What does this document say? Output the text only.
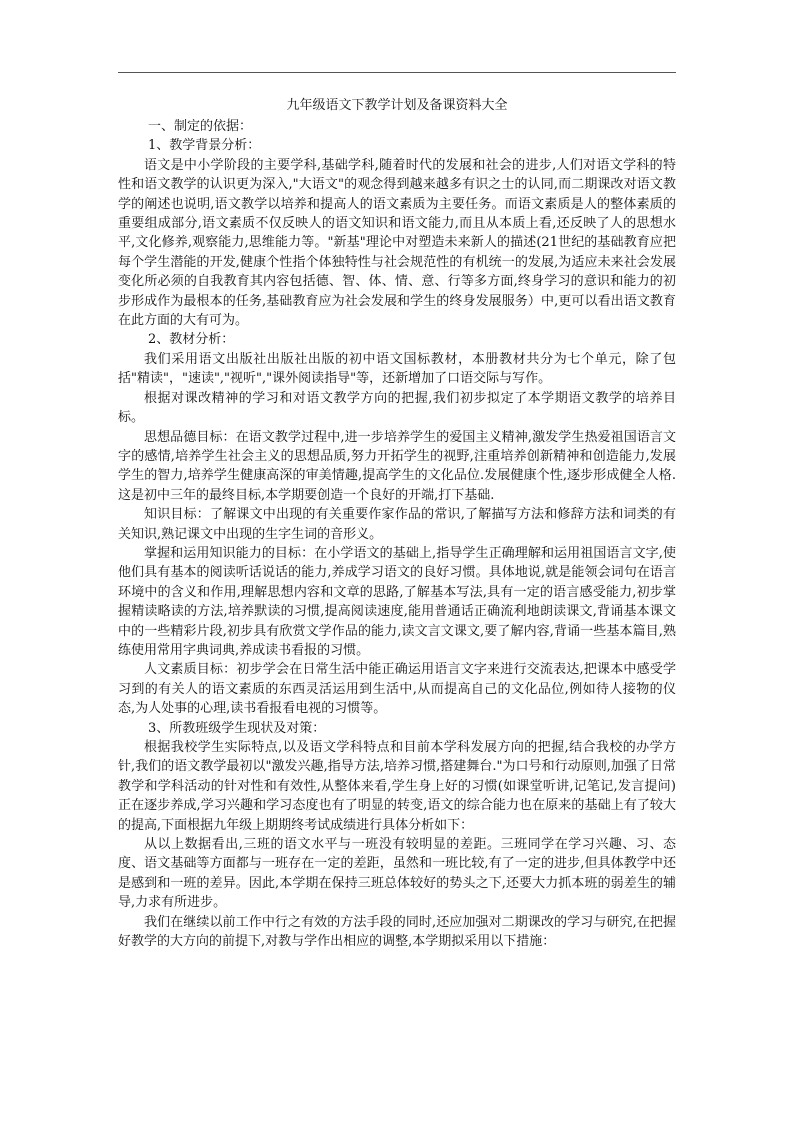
九年级语文下教学计划及备课资料大全

一、制定的依据：

1、教学背景分析：

语文是中小学阶段的主要学科,基础学科,随着时代的发展和社会的进步,人们对语文学科的特性和语文教学的认识更为深入,"大语文"的观念得到越来越多有识之士的认同,而二期课改对语文教学的阐述也说明,语文教学以培养和提高人的语文素质为主要任务。而语文素质是人的整体素质的重要组成部分,语文素质不仅反映人的语文知识和语文能力,而且从本质上看,还反映了人的思想水平,文化修养,观察能力,思维能力等。"新基"理论中对塑造未来新人的描述(21世纪的基础教育应把每个学生潜能的开发,健康个性指个体独特性与社会规范性的有机统一的发展,为适应未来社会发展变化所必须的自我教育其内容包括德、智、体、情、意、行等多方面,终身学习的意识和能力的初步形成作为最根本的任务,基础教育应为社会发展和学生的终身发展服务）中,更可以看出语文教育在此方面的大有可为。

2、教材分析：

我们采用语文出版社出版社出版的初中语文国标教材，本册教材共分为七个单元，除了包括"精读"，"速读","视听","课外阅读指导"等，还新增加了口语交际与写作。

根据对课改精神的学习和对语文教学方向的把握,我们初步拟定了本学期语文教学的培养目标。

思想品德目标：在语文教学过程中,进一步培养学生的爱国主义精神,激发学生热爱祖国语言文字的感情,培养学生社会主义的思想品质,努力开拓学生的视野,注重培养创新精神和创造能力,发展学生的智力,培养学生健康高深的审美情趣,提高学生的文化品位.发展健康个性,逐步形成健全人格.这是初中三年的最终目标,本学期要创造一个良好的开端,打下基础.

知识目标：了解课文中出现的有关重要作家作品的常识,了解描写方法和修辞方法和词类的有关知识,熟记课文中出现的生字生词的音形义。

掌握和运用知识能力的目标：在小学语文的基础上,指导学生正确理解和运用祖国语言文字,使他们具有基本的阅读听话说话的能力,养成学习语文的良好习惯。具体地说,就是能领会词句在语言环境中的含义和作用,理解思想内容和文章的思路,了解基本写法,具有一定的语言感受能力,初步掌握精读略读的方法,培养默读的习惯,提高阅读速度,能用普通话正确流利地朗读课文,背诵基本课文中的一些精彩片段,初步具有欣赏文学作品的能力,读文言文课文,要了解内容,背诵一些基本篇目,熟练使用常用字典词典,养成读书看报的习惯。

人文素质目标：初步学会在日常生活中能正确运用语言文字来进行交流表达,把课本中感受学习到的有关人的语文素质的东西灵活运用到生活中,从而提高自己的文化品位,例如待人接物的仪态,为人处事的心理,读书看报看电视的习惯等。

3、所教班级学生现状及对策：

根据我校学生实际特点,以及语文学科特点和目前本学科发展方向的把握,结合我校的办学方针,我们的语文教学最初以"激发兴趣,指导方法,培养习惯,搭建舞台."为口号和行动原则,加强了日常教学和学科活动的针对性和有效性,从整体来看,学生身上好的习惯(如课堂听讲,记笔记,发言提问)正在逐步养成,学习兴趣和学习态度也有了明显的转变,语文的综合能力也在原来的基础上有了较大的提高,下面根据九年级上期期终考试成绩进行具体分析如下：

从以上数据看出,三班的语文水平与一班没有较明显的差距。三班同学在学习兴趣、习、态度、语文基础等方面都与一班存在一定的差距，虽然和一班比较,有了一定的进步,但具体教学中还是感到和一班的差异。因此,本学期在保持三班总体较好的势头之下,还要大力抓本班的弱差生的辅导,力求有所进步。

我们在继续以前工作中行之有效的方法手段的同时,还应加强对二期课改的学习与研究,在把握好教学的大方向的前提下,对教与学作出相应的调整,本学期拟采用以下措施：
